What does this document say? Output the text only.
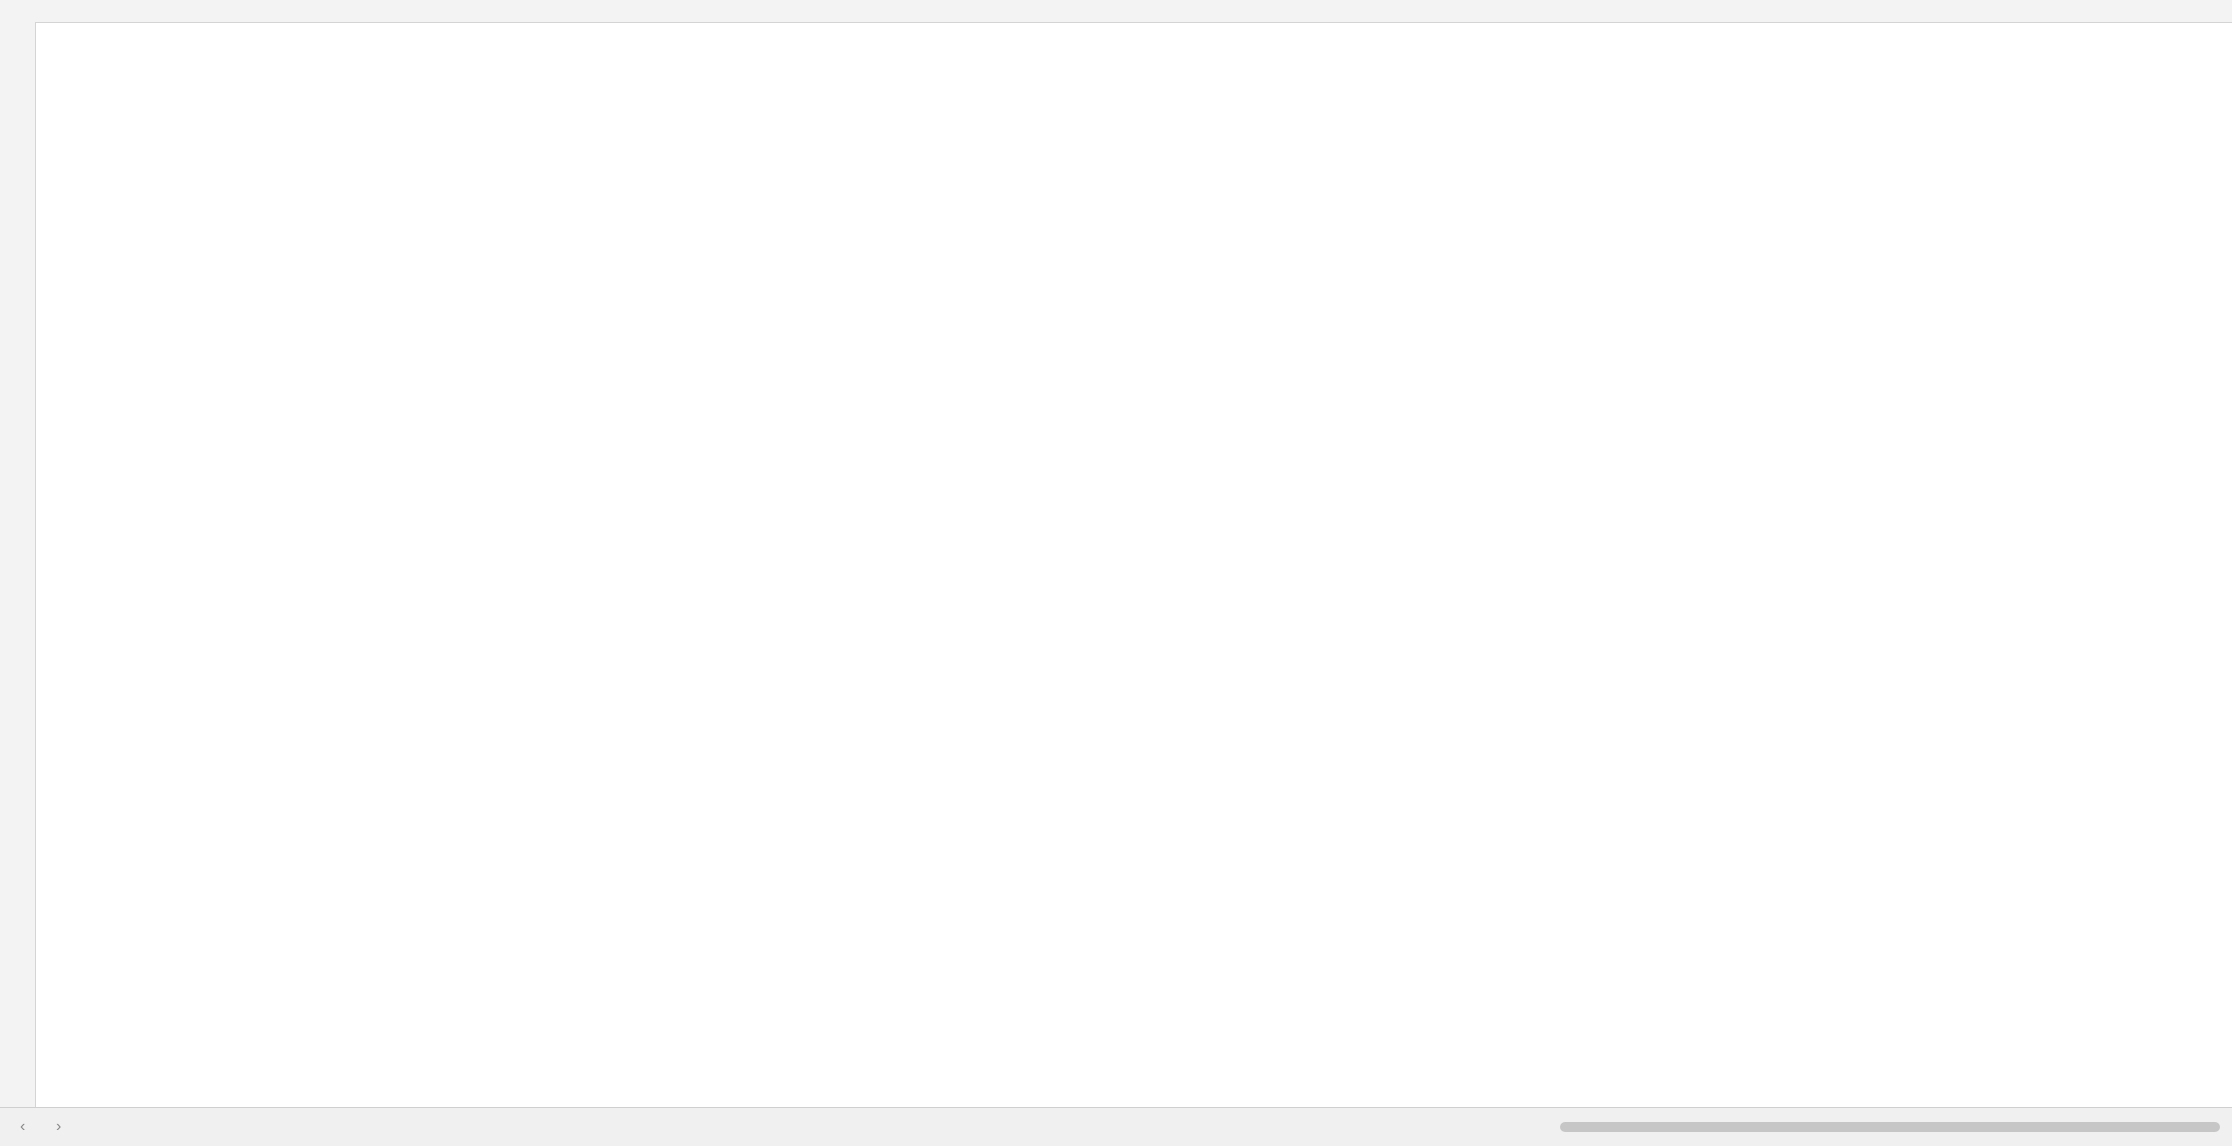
‹ ›
